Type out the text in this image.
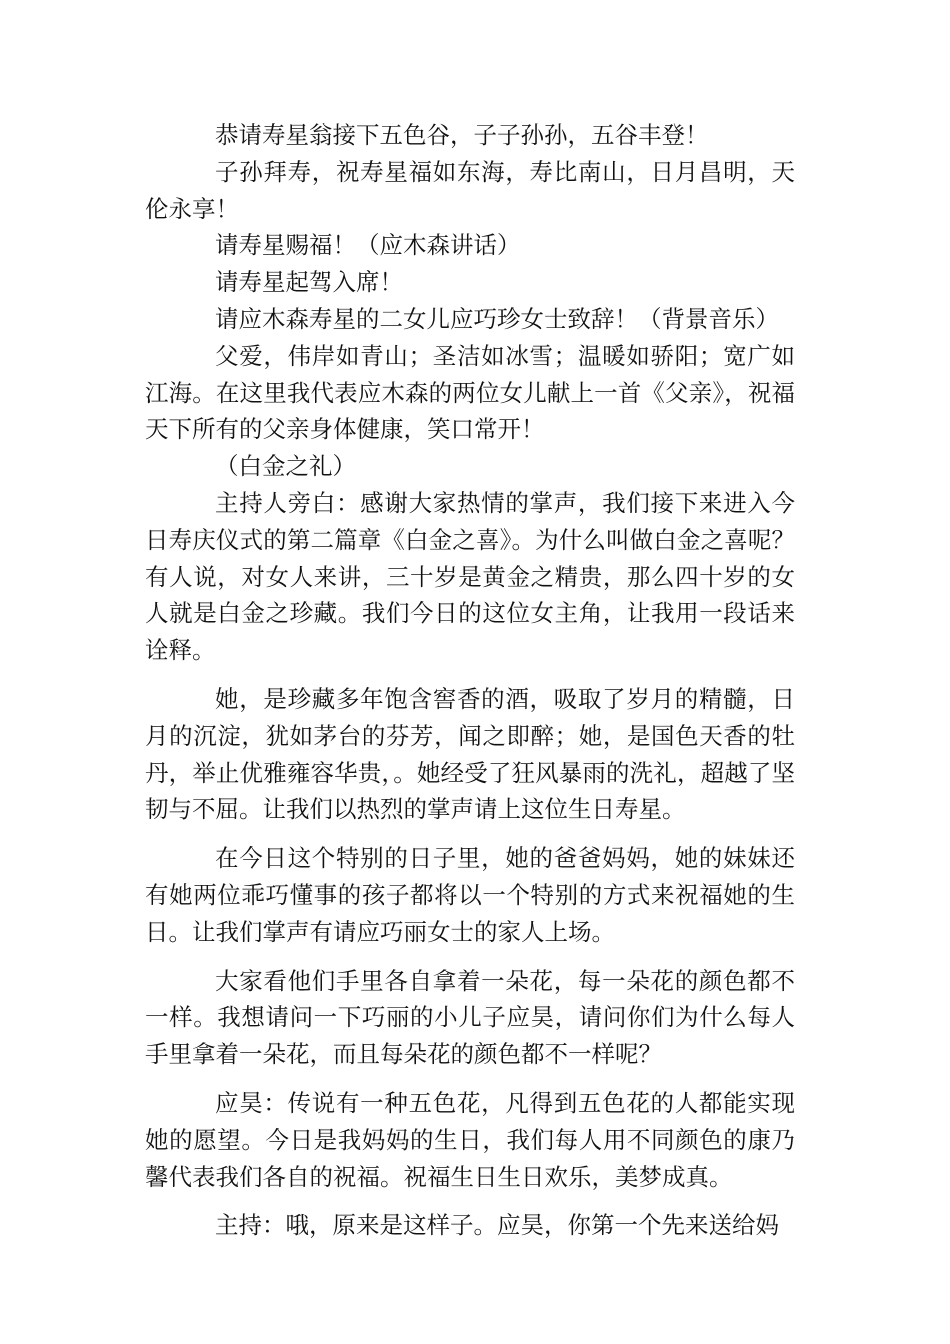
恭请寿星翁接下五色谷，子子孙孙，五谷丰登！

子孙拜寿，祝寿星福如东海，寿比南山，日月昌明，天伦永享！

请寿星赐福！（应木森讲话）

请寿星起驾入席！

请应木森寿星的二女儿应巧珍女士致辞！（背景音乐）

父爱，伟岸如青山；圣洁如冰雪；温暖如骄阳；宽广如江海。在这里我代表应木森的两位女儿献上一首《父亲》，祝福天下所有的父亲身体健康，笑口常开！

（白金之礼）

主持人旁白：感谢大家热情的掌声，我们接下来进入今日寿庆仪式的第二篇章《白金之喜》。为什么叫做白金之喜呢？有人说，对女人来讲，三十岁是黄金之精贵，那么四十岁的女人就是白金之珍藏。我们今日的这位女主角，让我用一段话来诠释。

她，是珍藏多年饱含窖香的酒，吸取了岁月的精髓，日月的沉淀，犹如茅台的芬芳，闻之即醉；她，是国色天香的牡丹，举止优雅雍容华贵，。她经受了狂风暴雨的洗礼，超越了坚韧与不屈。让我们以热烈的掌声请上这位生日寿星。

在今日这个特别的日子里，她的爸爸妈妈，她的妹妹还有她两位乖巧懂事的孩子都将以一个特别的方式来祝福她的生日。让我们掌声有请应巧丽女士的家人上场。

大家看他们手里各自拿着一朵花，每一朵花的颜色都不一样。我想请问一下巧丽的小儿子应昊，请问你们为什么每人手里拿着一朵花，而且每朵花的颜色都不一样呢？

应昊：传说有一种五色花，凡得到五色花的人都能实现她的愿望。今日是我妈妈的生日，我们每人用不同颜色的康乃馨代表我们各自的祝福。祝福生日生日欢乐，美梦成真。

主持：哦，原来是这样子。应昊，你第一个先来送给妈
